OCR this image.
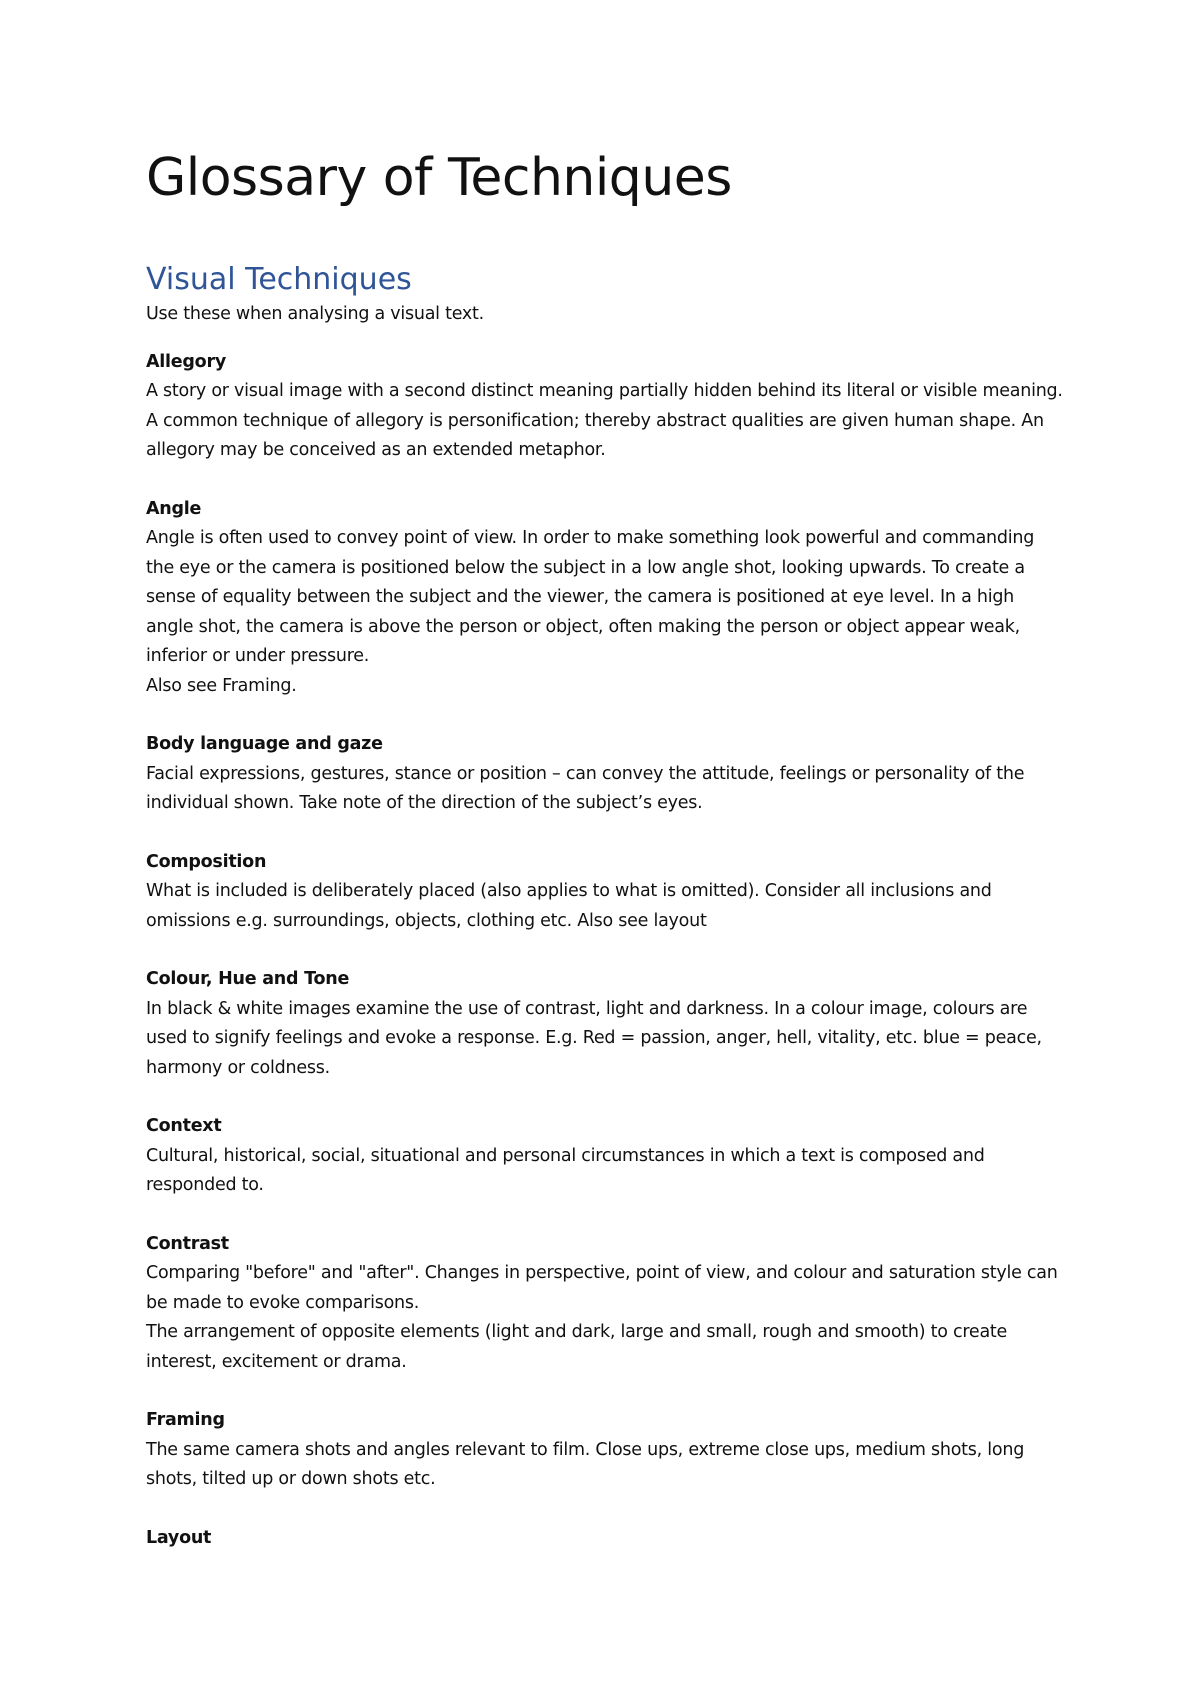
Glossary of Techniques
Visual Techniques

Use these when analysing a visual text.

Allegory

A story or visual image with a second distinct meaning partially hidden behind its literal or visible meaning. A common technique of allegory is personification; thereby abstract qualities are given human shape. An allegory may be conceived as an extended metaphor.

Angle

Angle is often used to convey point of view. In order to make something look powerful and commanding the eye or the camera is positioned below the subject in a low angle shot, looking upwards. To create a sense of equality between the subject and the viewer, the camera is positioned at eye level. In a high angle shot, the camera is above the person or object, often making the person or object appear weak, inferior or under pressure.

Also see Framing.

Body language and gaze

Facial expressions, gestures, stance or position – can convey the attitude, feelings or personality of the individual shown. Take note of the direction of the subject’s eyes.

Composition

What is included is deliberately placed (also applies to what is omitted). Consider all inclusions and omissions e.g. surroundings, objects, clothing etc. Also see layout

Colour, Hue and Tone

In black & white images examine the use of contrast, light and darkness. In a colour image, colours are used to signify feelings and evoke a response. E.g. Red = passion, anger, hell, vitality, etc. blue = peace, harmony or coldness.

Context

Cultural, historical, social, situational and personal circumstances in which a text is composed and responded to.

Contrast

Comparing "before" and "after". Changes in perspective, point of view, and colour and saturation style can be made to evoke comparisons.

The arrangement of opposite elements (light and dark, large and small, rough and smooth) to create interest, excitement or drama.

Framing

The same camera shots and angles relevant to film. Close ups, extreme close ups, medium shots, long shots, tilted up or down shots etc.

Layout
